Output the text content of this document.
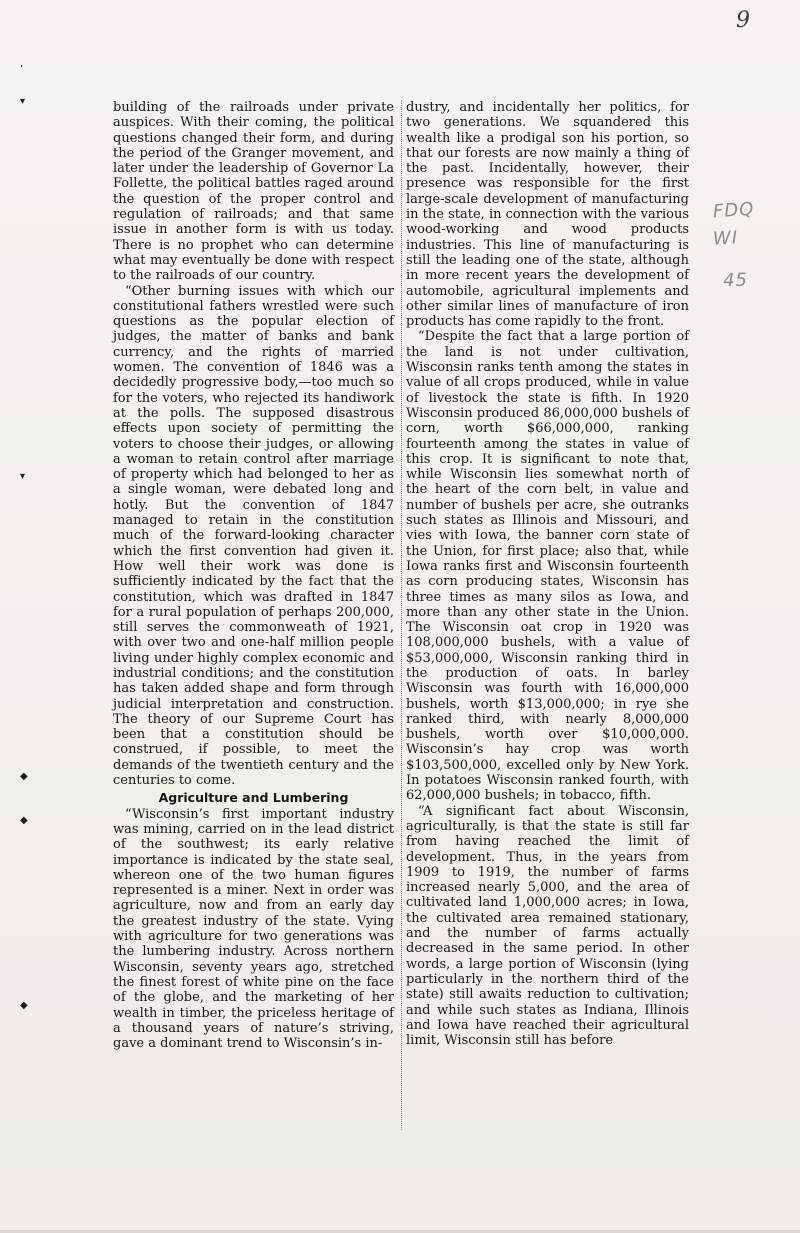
9
FDQ
WI
45
’
▾
▾
◆
◆
◆

building of the railroads under private auspices. With their coming, the political questions changed their form, and during the period of the Granger movement, and later under the leadership of Governor La Follette, the political battles raged around the question of the proper control and regulation of railroads; and that same issue in another form is with us today. There is no prophet who can determine what may eventually be done with respect to the railroads of our country.

“Other burning issues with which our constitutional fathers wrestled were such questions as the popular election of judges, the matter of banks and bank currency, and the rights of married women. The convention of 1846 was a decidedly progressive body,—too much so for the voters, who rejected its handiwork at the polls. The supposed disastrous effects upon society of permitting the voters to choose their judges, or allowing a woman to retain control after marriage of property which had belonged to her as a single woman, were debated long and hotly. But the convention of 1847 managed to retain in the constitution much of the forward-looking character which the first convention had given it. How well their work was done is sufficiently indicated by the fact that the constitution, which was drafted in 1847 for a rural population of perhaps 200,000, still serves the commonweath of 1921, with over two and one-half million people living under highly complex economic and industrial conditions; and the constitution has taken added shape and form through judicial interpretation and construction. The theory of our Supreme Court has been that a constitution should be construed, if possible, to meet the demands of the twentieth century and the centuries to come.

Agriculture and Lumbering

“Wisconsin’s first important industry was mining, carried on in the lead district of the southwest; its early relative importance is indicated by the state seal, whereon one of the two human figures represented is a miner. Next in order was agriculture, now and from an early day the greatest industry of the state. Vying with agriculture for two generations was the lumbering industry. Across northern Wisconsin, seventy years ago, stretched the finest forest of white pine on the face of the globe, and the marketing of her wealth in timber, the priceless heritage of a thousand years of nature’s striving, gave a dominant trend to Wisconsin’s in-

dustry, and incidentally her politics, for two generations. We squandered this wealth like a prodigal son his portion, so that our forests are now mainly a thing of the past. Incidentally, however, their presence was responsible for the first large-scale development of manufacturing in the state, in connection with the various wood-working and wood products industries. This line of manufacturing is still the leading one of the state, although in more recent years the development of automobile, agricultural implements and other similar lines of manufacture of iron products has come rapidly to the front.

“Despite the fact that a large portion of the land is not under cultivation, Wisconsin ranks tenth among the states in value of all crops produced, while in value of livestock the state is fifth. In 1920 Wisconsin produced 86,000,000 bushels of corn, worth $66,000,000, ranking fourteenth among the states in value of this crop. It is significant to note that, while Wisconsin lies somewhat north of the heart of the corn belt, in value and number of bushels per acre, she outranks such states as Illinois and Missouri, and vies with Iowa, the banner corn state of the Union, for first place; also that, while Iowa ranks first and Wisconsin fourteenth as corn producing states, Wisconsin has three times as many silos as Iowa, and more than any other state in the Union. The Wisconsin oat crop in 1920 was 108,000,000 bushels, with a value of $53,000,000, Wisconsin ranking third in the production of oats. In barley Wisconsin was fourth with 16,000,000 bushels, worth $13,000,000; in rye she ranked third, with nearly 8,000,000 bushels, worth over $10,000,000. Wisconsin’s hay crop was worth $103,500,000, excelled only by New York. In potatoes Wisconsin ranked fourth, with 62,000,000 bushels; in tobacco, fifth.

“A significant fact about Wisconsin, agriculturally, is that the state is still far from having reached the limit of development. Thus, in the years from 1909 to 1919, the number of farms increased nearly 5,000, and the area of cultivated land 1,000,000 acres; in Iowa, the cultivated area remained stationary, and the number of farms actually decreased in the same period. In other words, a large portion of Wisconsin (lying particularly in the northern third of the state) still awaits reduction to cultivation; and while such states as Indiana, Illinois and Iowa have reached their agricultural limit, Wisconsin still has before
